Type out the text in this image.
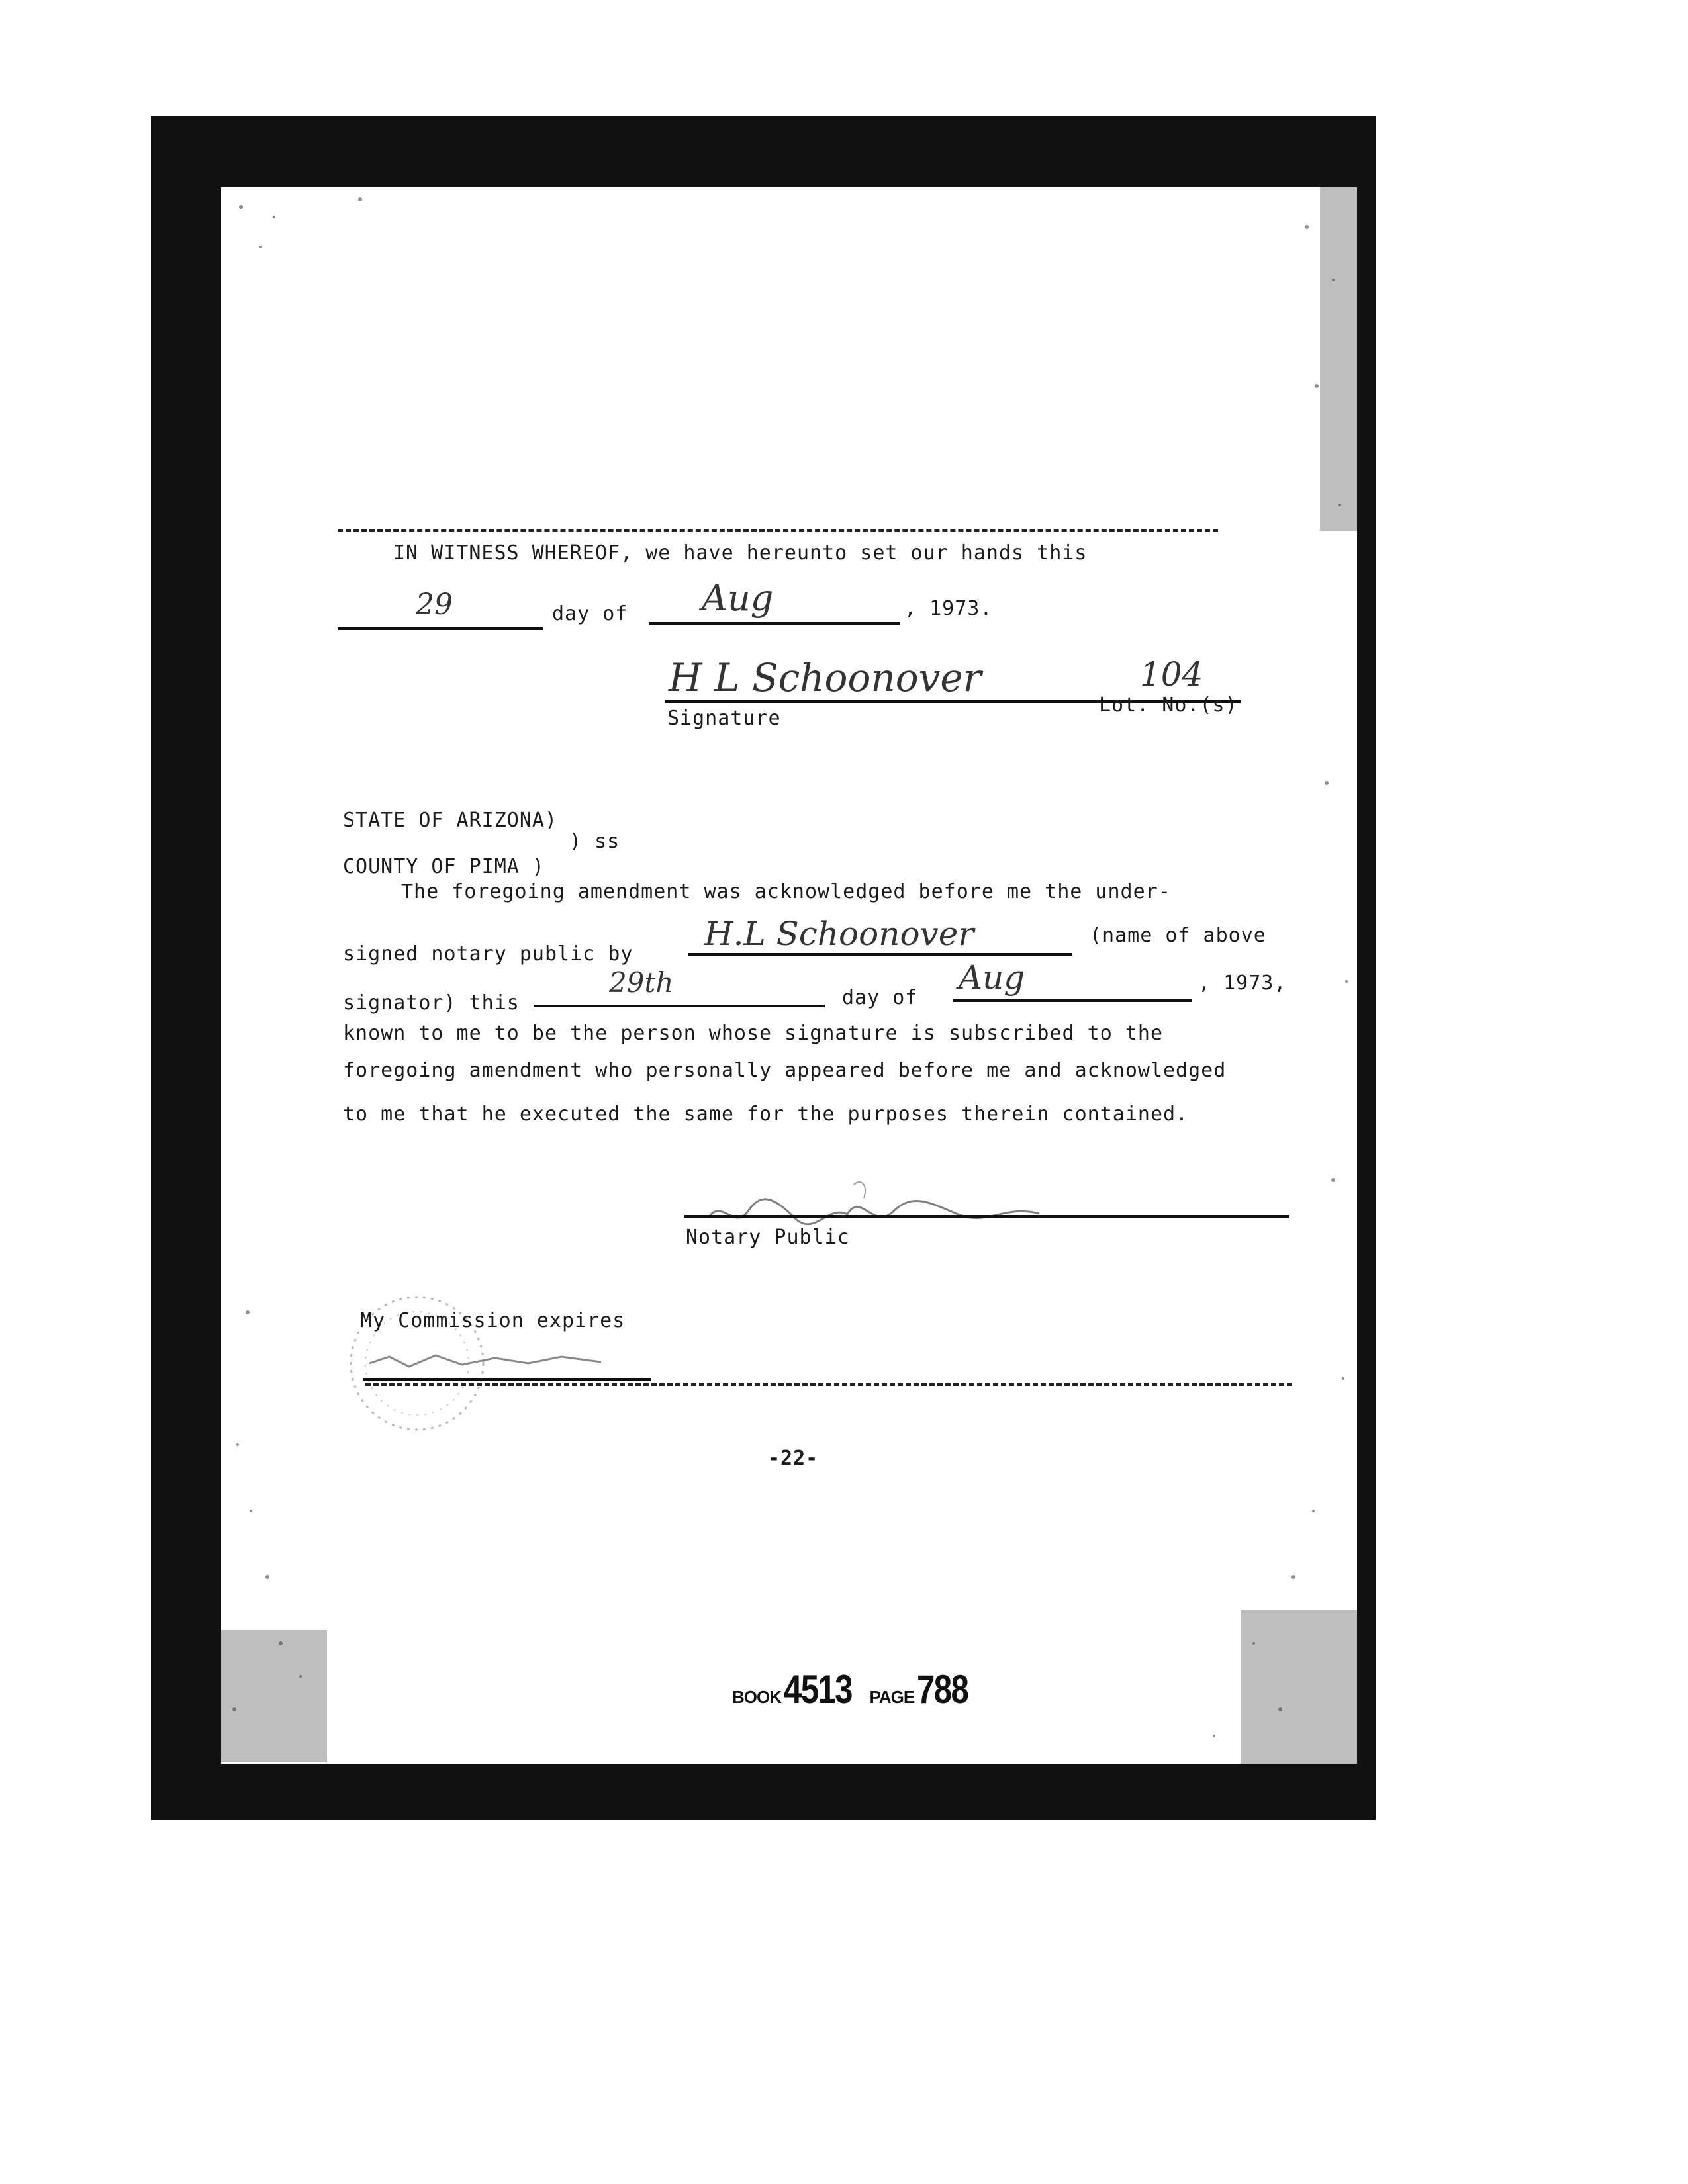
IN WITNESS WHEREOF, we have hereunto set our hands this
29	day of Aug	, 1973.
H L Schoonover	104
Signature
Lot. No.(s)
STATE OF ARIZONA)
) ss
COUNTY OF PIMA )
The foregoing amendment was acknowledged before me the under-
signed notary public by
H.L Schoonover	(name of above
signator) this
29th	day of
Aug	, 1973,
known to me to be the person whose signature is subscribed to the
foregoing amendment who personally appeared before me and acknowledged
to me that he executed the same for the purposes therein contained.
Notary Public
My Commission expires
-22-
BOOK 4513 PAGE 788
